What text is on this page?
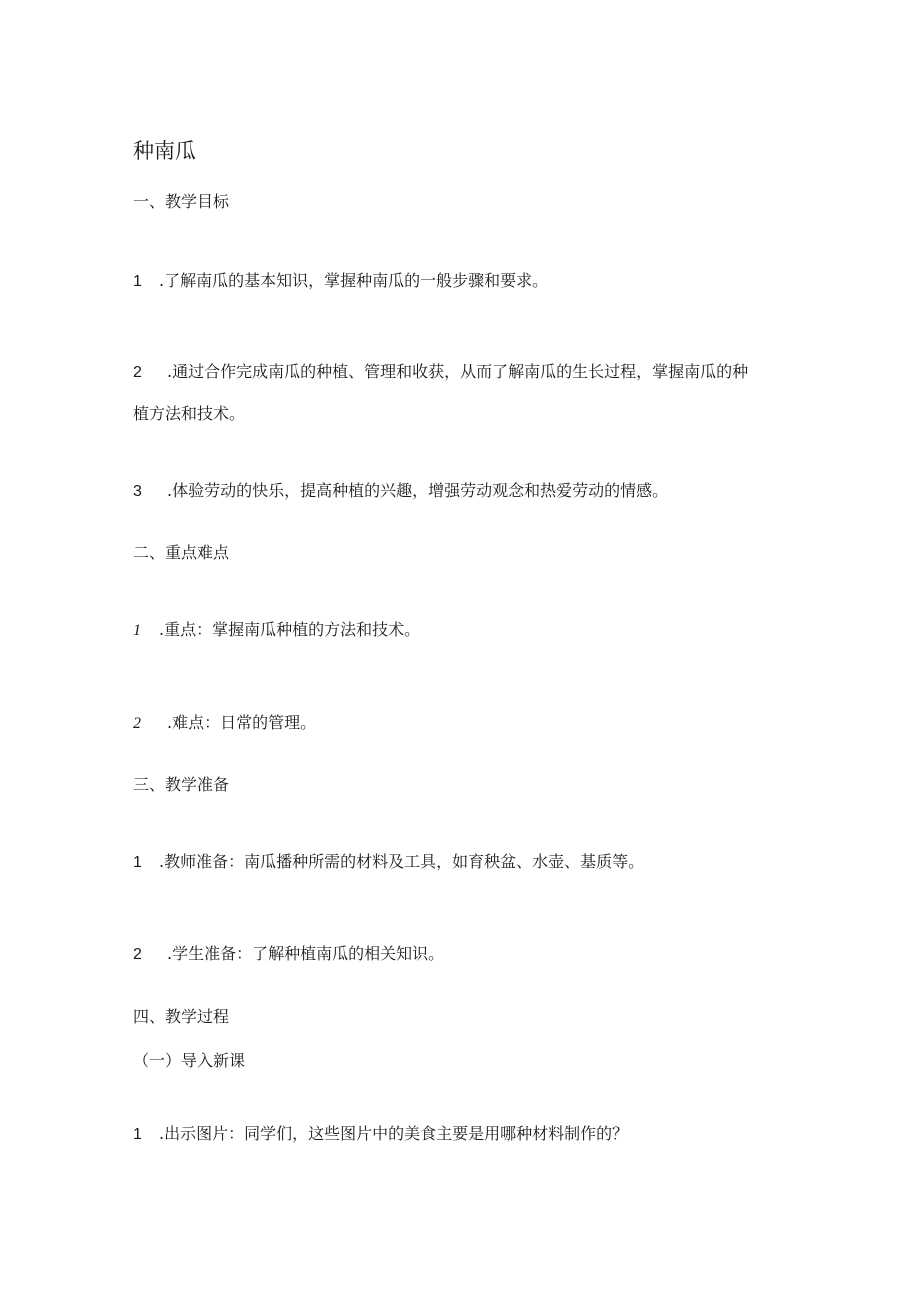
种南瓜
一、教学目标
1 .了解南瓜的基本知识，掌握种南瓜的一般步骤和要求。
2 .通过合作完成南瓜的种植、管理和收获，从而了解南瓜的生长过程，掌握南瓜的种
植方法和技术。
3 .体验劳动的快乐，提高种植的兴趣，增强劳动观念和热爱劳动的情感。
二、重点难点
1 .重点：掌握南瓜种植的方法和技术。
2 .难点：日常的管理。
三、教学准备
1 .教师准备：南瓜播种所需的材料及工具，如育秧盆、水壶、基质等。
2 .学生准备：了解种植南瓜的相关知识。
四、教学过程
（一）导入新课
1 .出示图片：同学们，这些图片中的美食主要是用哪种材料制作的？
